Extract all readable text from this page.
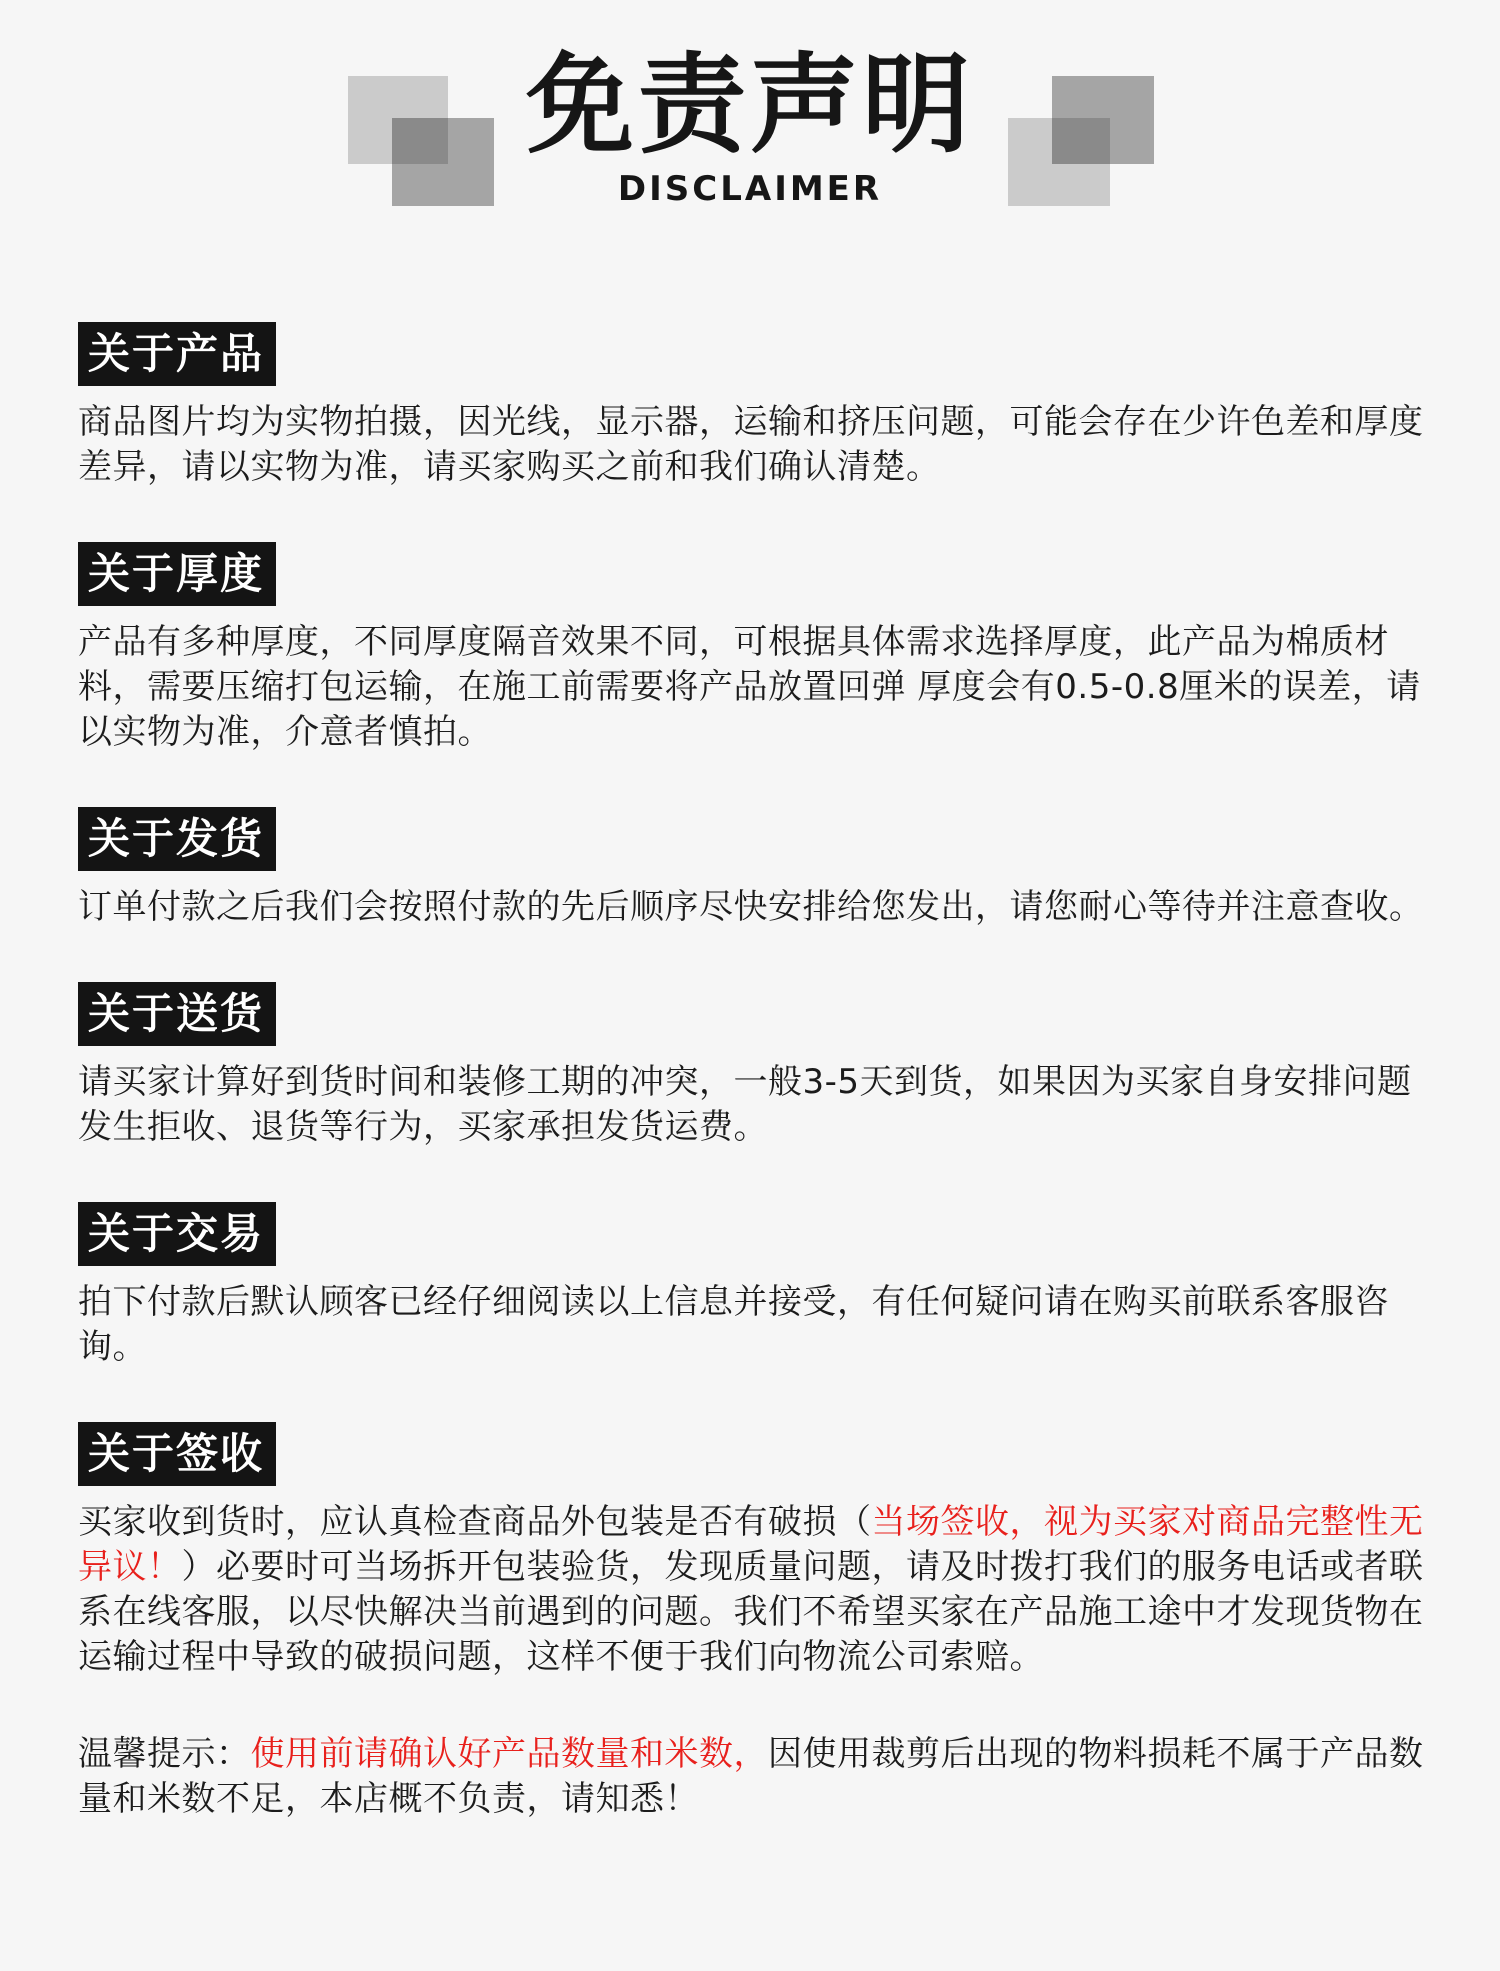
免责声明
DISCLAIMER
关于产品

商品图片均为实物拍摄，因光线，显示器，运输和挤压问题，可能会存在少许色差和厚度差异，请以实物为准，请买家购买之前和我们确认清楚。

关于厚度

产品有多种厚度，不同厚度隔音效果不同，可根据具体需求选择厚度，此产品为棉质材料，需要压缩打包运输，在施工前需要将产品放置回弹 厚度会有0.5-0.8厘米的误差，请以实物为准，介意者慎拍。

关于发货

订单付款之后我们会按照付款的先后顺序尽快安排给您发出，请您耐心等待并注意查收。

关于送货

请买家计算好到货时间和装修工期的冲突，一般3-5天到货，如果因为买家自身安排问题发生拒收、退货等行为，买家承担发货运费。

关于交易

拍下付款后默认顾客已经仔细阅读以上信息并接受，有任何疑问请在购买前联系客服咨询。

关于签收

买家收到货时，应认真检查商品外包装是否有破损（当场签收，视为买家对商品完整性无异议！）必要时可当场拆开包装验货，发现质量问题，请及时拨打我们的服务电话或者联系在线客服，以尽快解决当前遇到的问题。我们不希望买家在产品施工途中才发现货物在运输过程中导致的破损问题，这样不便于我们向物流公司索赔。

温馨提示：使用前请确认好产品数量和米数，因使用裁剪后出现的物料损耗不属于产品数量和米数不足，本店概不负责，请知悉！
